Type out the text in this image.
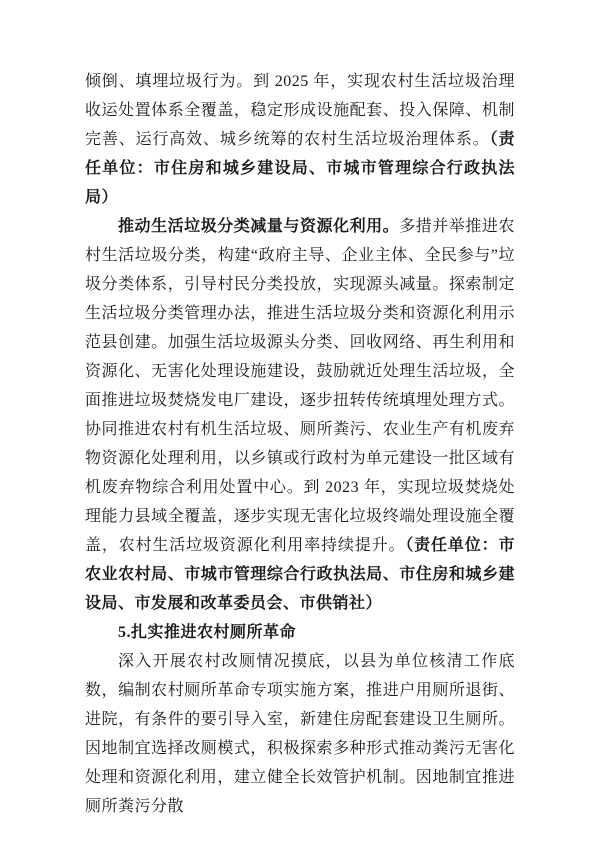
倾倒、填埋垃圾行为。到 2025 年，实现农村生活垃圾治理收运处置体系全覆盖，稳定形成设施配套、投入保障、机制完善、运行高效、城乡统筹的农村生活垃圾治理体系。（责任单位：市住房和城乡建设局、市城市管理综合行政执法局）

推动生活垃圾分类减量与资源化利用。多措并举推进农村生活垃圾分类，构建“政府主导、企业主体、全民参与”垃圾分类体系，引导村民分类投放，实现源头减量。探索制定生活垃圾分类管理办法，推进生活垃圾分类和资源化利用示范县创建。加强生活垃圾源头分类、回收网络、再生利用和资源化、无害化处理设施建设，鼓励就近处理生活垃圾，全面推进垃圾焚烧发电厂建设，逐步扭转传统填埋处理方式。协同推进农村有机生活垃圾、厕所粪污、农业生产有机废弃物资源化处理利用，以乡镇或行政村为单元建设一批区域有机废弃物综合利用处置中心。到 2023 年，实现垃圾焚烧处理能力县域全覆盖，逐步实现无害化垃圾终端处理设施全覆盖，农村生活垃圾资源化利用率持续提升。（责任单位：市农业农村局、市城市管理综合行政执法局、市住房和城乡建设局、市发展和改革委员会、市供销社）

5.扎实推进农村厕所革命

深入开展农村改厕情况摸底，以县为单位核清工作底数，编制农村厕所革命专项实施方案，推进户用厕所退街、进院，有条件的要引导入室，新建住房配套建设卫生厕所。因地制宜选择改厕模式，积极探索多种形式推动粪污无害化处理和资源化利用，建立健全长效管护机制。因地制宜推进厕所粪污分散
